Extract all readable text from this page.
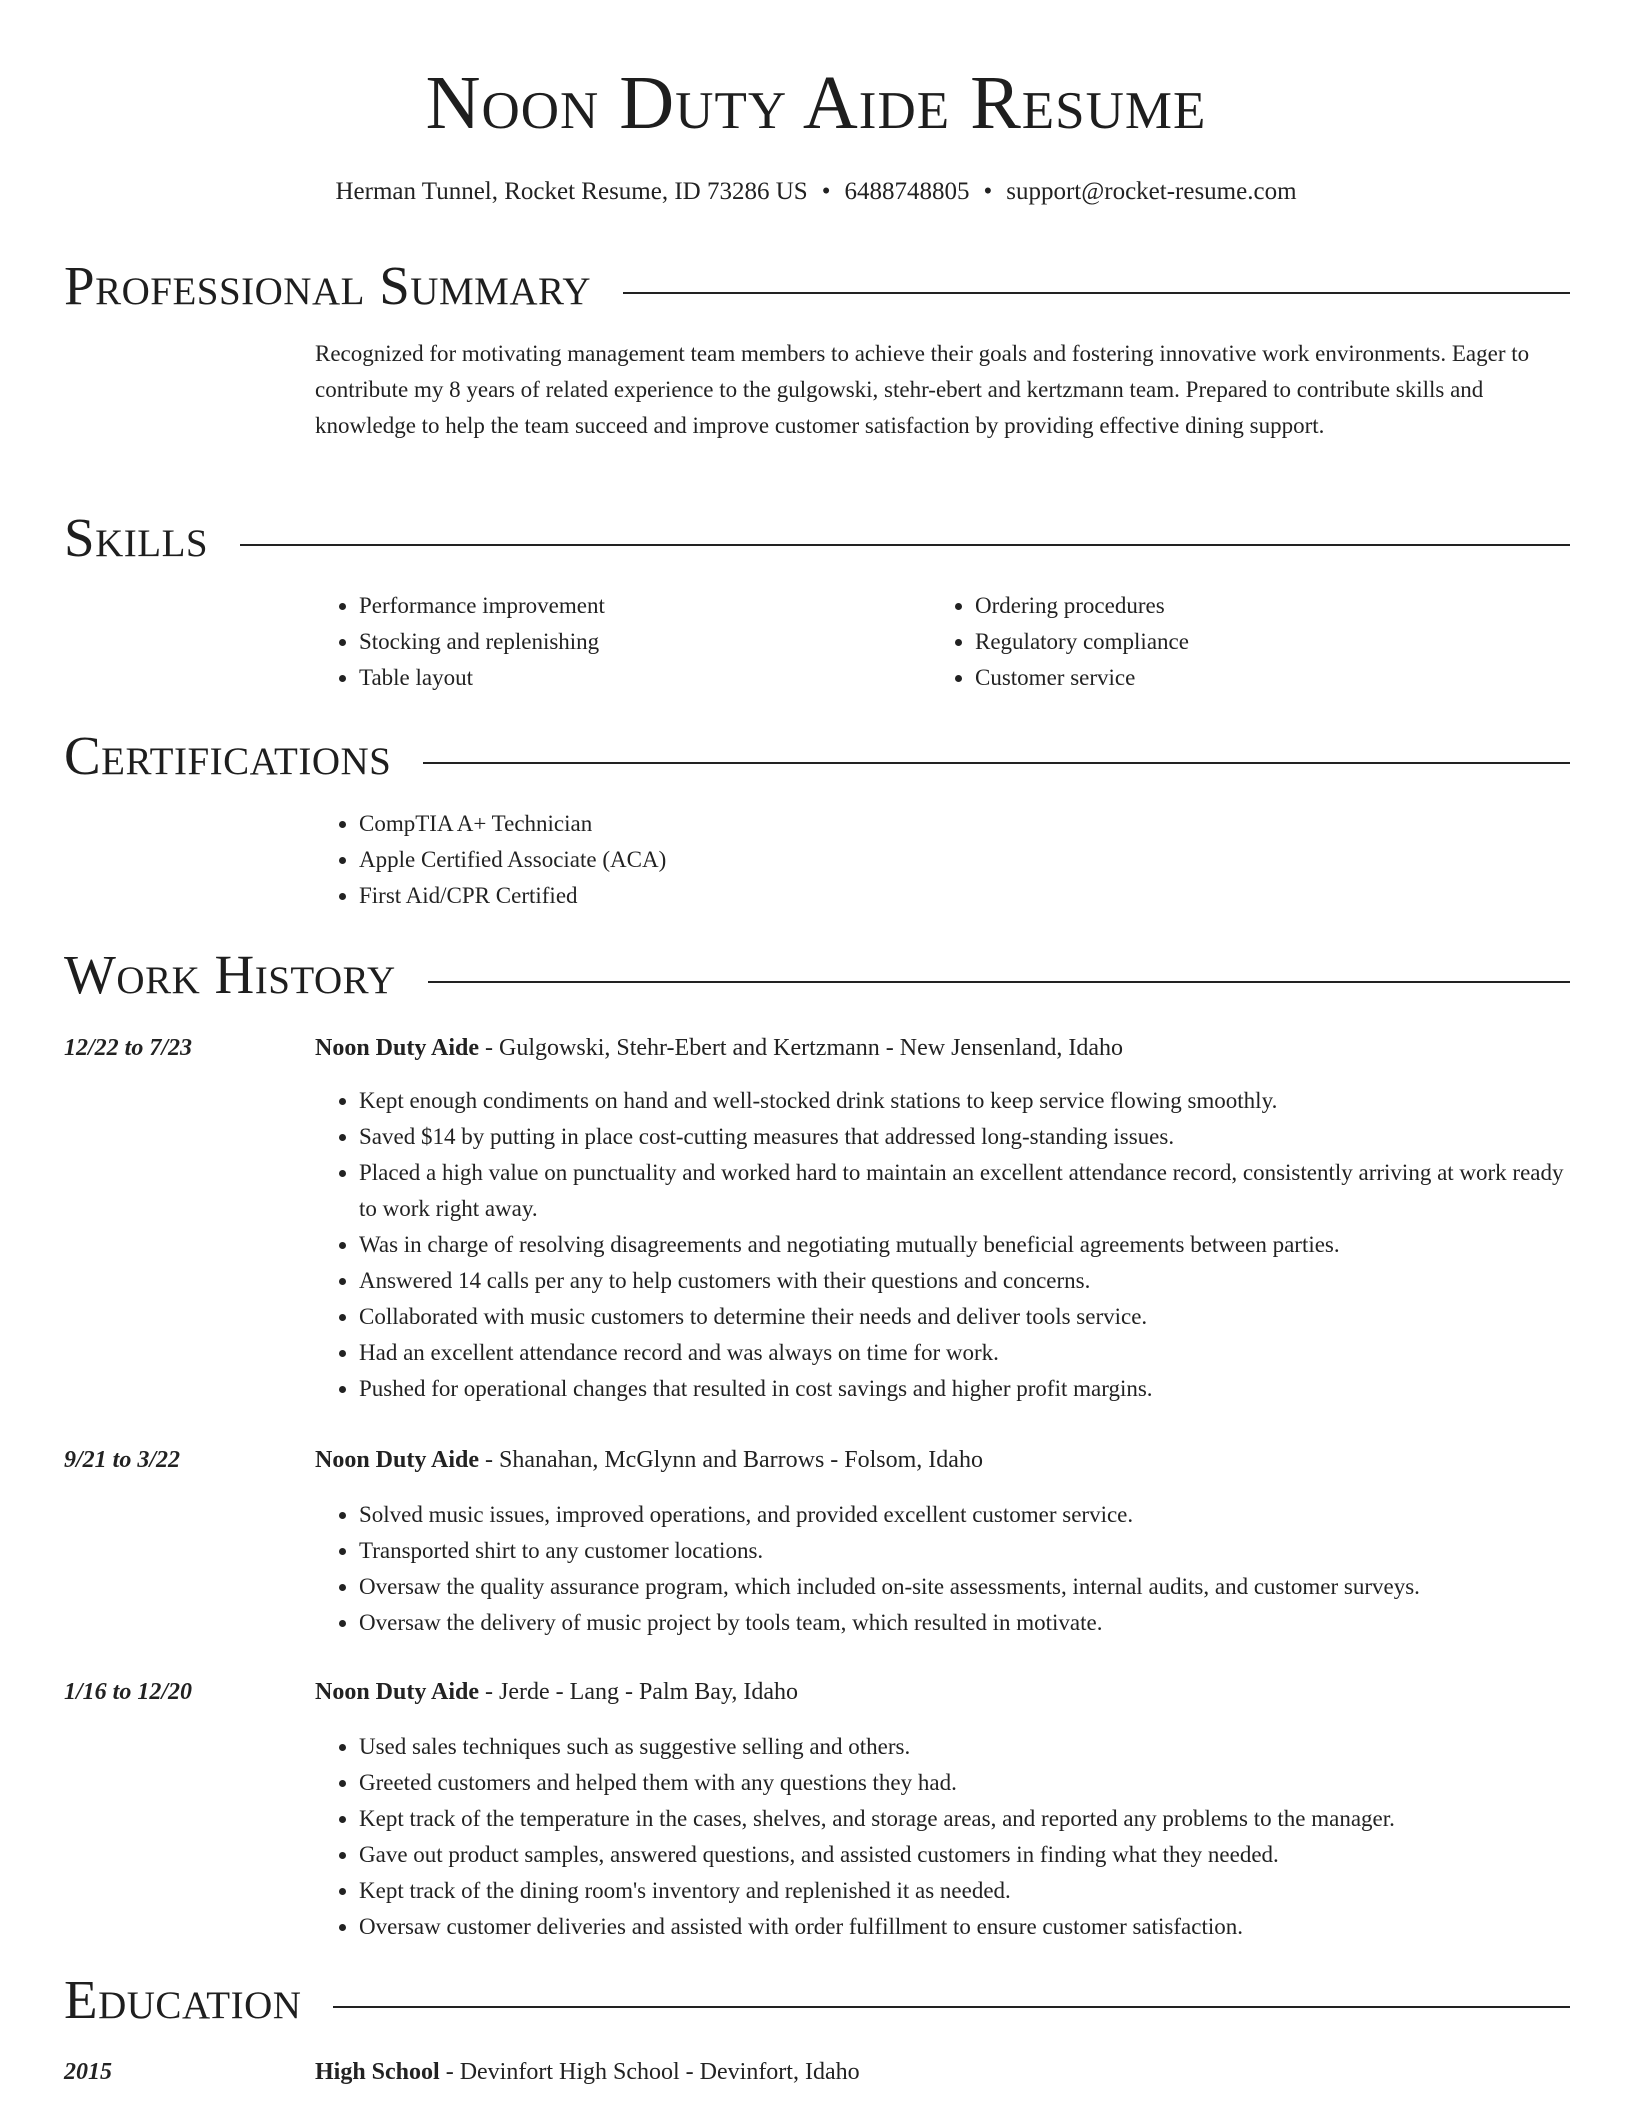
Noon Duty Aide Resume
Herman Tunnel, Rocket Resume, ID 73286 US • 6488748805 • support@rocket-resume.com
Professional Summary

Recognized for motivating management team members to achieve their goals and fostering innovative work environments. Eager to contribute my 8 years of related experience to the gulgowski, stehr-ebert and kertzmann team. Prepared to contribute skills and knowledge to help the team succeed and improve customer satisfaction by providing effective dining support.

Skills
• Performance improvement
• Stocking and replenishing
• Table layout
• Ordering procedures
• Regulatory compliance
• Customer service
Certifications
• CompTIA A+ Technician
• Apple Certified Associate (ACA)
• First Aid/CPR Certified
Work History
12/22 to 7/23	Noon Duty Aide - Gulgowski, Stehr-Ebert and Kertzmann - New Jensenland, Idaho
• Kept enough condiments on hand and well-stocked drink stations to keep service flowing smoothly.
• Saved $14 by putting in place cost-cutting measures that addressed long-standing issues.
• Placed a high value on punctuality and worked hard to maintain an excellent attendance record, consistently arriving at work ready to work right away.
• Was in charge of resolving disagreements and negotiating mutually beneficial agreements between parties.
• Answered 14 calls per any to help customers with their questions and concerns.
• Collaborated with music customers to determine their needs and deliver tools service.
• Had an excellent attendance record and was always on time for work.
• Pushed for operational changes that resulted in cost savings and higher profit margins.
9/21 to 3/22	Noon Duty Aide - Shanahan, McGlynn and Barrows - Folsom, Idaho
• Solved music issues, improved operations, and provided excellent customer service.
• Transported shirt to any customer locations.
• Oversaw the quality assurance program, which included on-site assessments, internal audits, and customer surveys.
• Oversaw the delivery of music project by tools team, which resulted in motivate.
1/16 to 12/20	Noon Duty Aide - Jerde - Lang - Palm Bay, Idaho
• Used sales techniques such as suggestive selling and others.
• Greeted customers and helped them with any questions they had.
• Kept track of the temperature in the cases, shelves, and storage areas, and reported any problems to the manager.
• Gave out product samples, answered questions, and assisted customers in finding what they needed.
• Kept track of the dining room's inventory and replenished it as needed.
• Oversaw customer deliveries and assisted with order fulfillment to ensure customer satisfaction.
Education
2015	High School - Devinfort High School - Devinfort, Idaho
